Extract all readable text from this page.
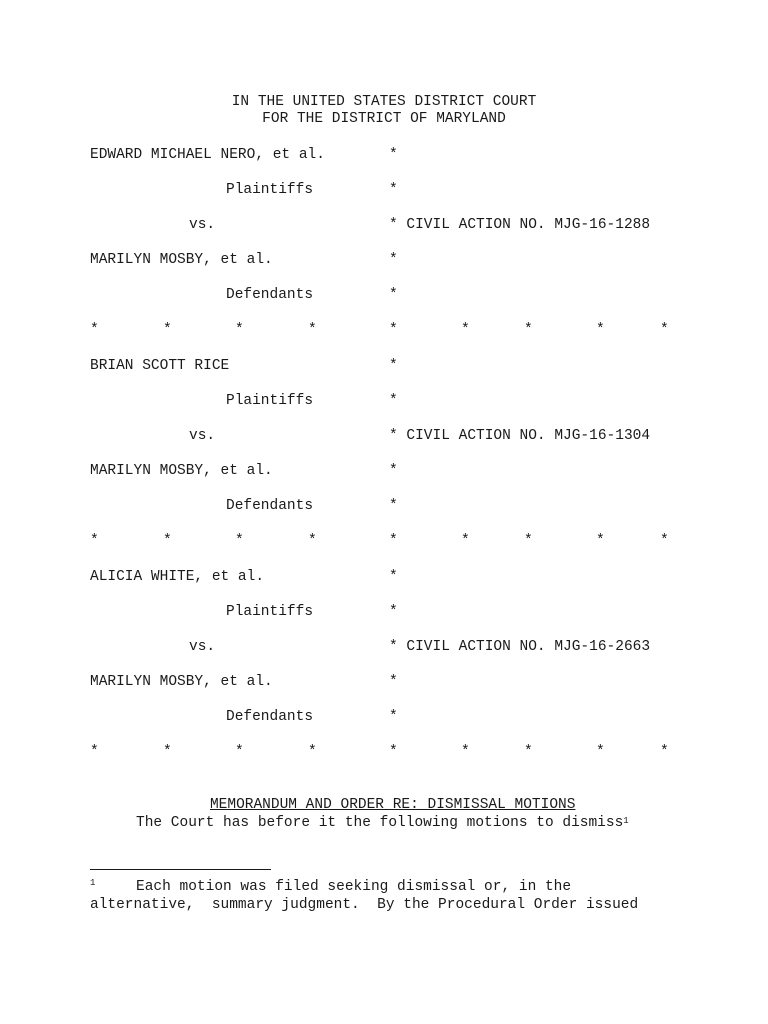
IN THE UNITED STATES DISTRICT COURT
FOR THE DISTRICT OF MARYLAND
EDWARD MICHAEL NERO, et al.	*
Plaintiffs	*
vs.	* CIVIL ACTION NO. MJG-16-1288
MARILYN MOSBY, et al.	*
Defendants	*
*	*	*	*	*	*	*	*	*
BRIAN SCOTT RICE	*
Plaintiffs	*
vs.	* CIVIL ACTION NO. MJG-16-1304
MARILYN MOSBY, et al.	*
Defendants	*
*	*	*	*	*	*	*	*	*
ALICIA WHITE, et al.	*
Plaintiffs	*
vs.	* CIVIL ACTION NO. MJG-16-2663
MARILYN MOSBY, et al.	*
Defendants	*
*	*	*	*	*	*	*	*	*

MEMORANDUM AND ORDER RE: DISMISSAL MOTIONS

The Court has before it the following motions to dismiss$^1$
$^1$	Each motion was filed seeking dismissal or, in the
alternative,  summary judgment.  By the Procedural Order issued
